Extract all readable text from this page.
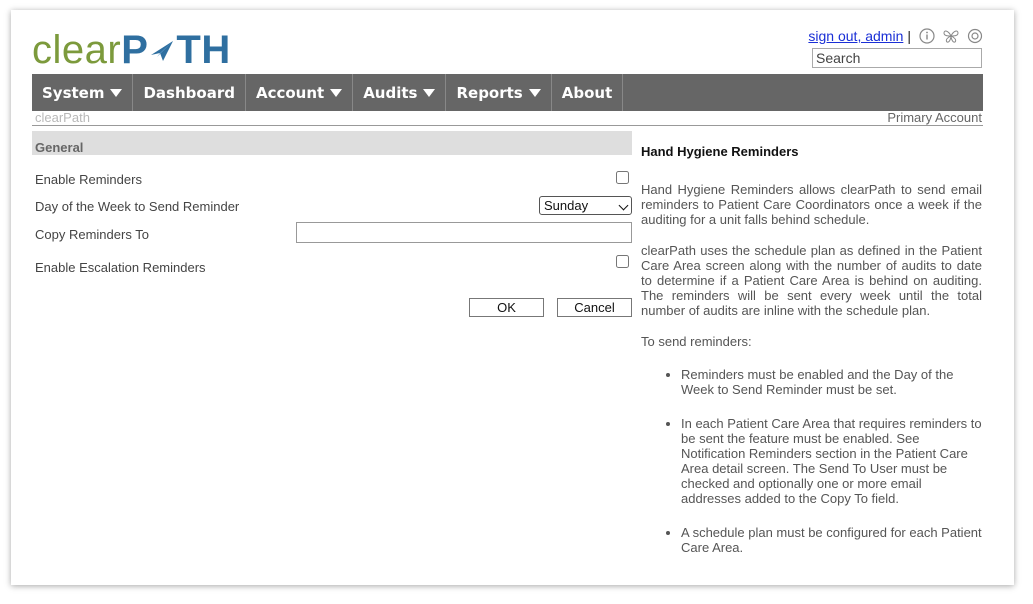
clearP TH	sign out, admin |
Search
System	Dashboard Account	Audits	Reports	About
clearPath	Primary Account
General
Enable Reminders
Day of the Week to Send Reminder	Sunday
Copy Reminders To
Enable Escalation Reminders
OK	Cancel
Hand Hygiene Reminders

Hand Hygiene Reminders allows clearPath to send email reminders to Patient Care Coordinators once a week if the auditing for a unit falls behind schedule.

clearPath uses the schedule plan as defined in the Patient Care Area screen along with the number of audits to date to determine if a Patient Care Area is behind on auditing. The reminders will be sent every week until the total number of audits are inline with the schedule plan.

To send reminders:

• Reminders must be enabled and the Day of the Week to Send Reminder must be set.
• In each Patient Care Area that requires reminders to be sent the feature must be enabled. See Notification Reminders section in the Patient Care Area detail screen. The Send To User must be checked and optionally one or more email addresses added to the Copy To field.
• A schedule plan must be configured for each Patient Care Area.
